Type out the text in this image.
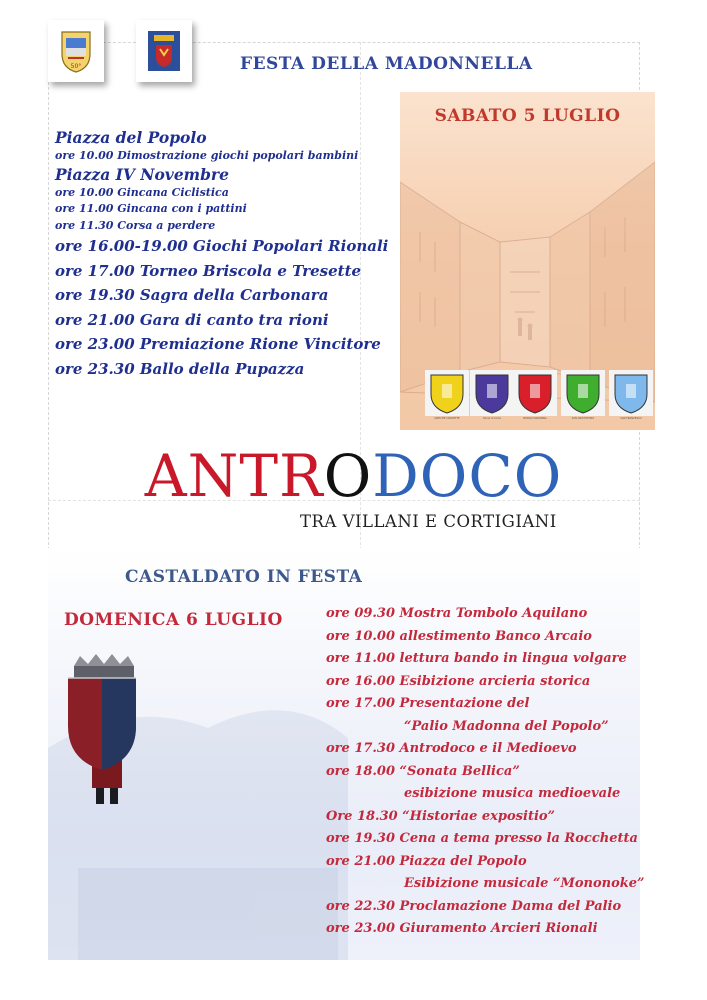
50°	FESTA DELLA MADONNELLA
SABATO 5 LUGLIO
ANTICHE CROCETTE	Rione di Corte	BORGO MADONNA	SAN CRISTOFORO	SAN FRANCESCO
Piazza del Popolo
ore 10.00 Dimostrazione giochi popolari bambini
Piazza IV Novembre
ore 10.00 Gincana Ciclistica
ore 11.00 Gincana con i pattini
ore 11.30 Corsa a perdere
ore 16.00-19.00 Giochi Popolari Rionali
ore 17.00 Torneo Briscola e Tresette
ore 19.30 Sagra della Carbonara
ore 21.00 Gara di canto tra rioni
ore 23.00 Premiazione Rione Vincitore
ore 23.30 Ballo della Pupazza
ANTRODOCO
TRA VILLANI E CORTIGIANI
CASTALDATO IN FESTA
DOMENICA 6 LUGLIO	ore 09.30 Mostra Tombolo Aquilano
ore 10.00 allestimento Banco Arcaio
ore 11.00 lettura bando in lingua volgare
ore 16.00 Esibizione arcieria storica
ore 17.00 Presentazione del
“Palio Madonna del Popolo”
ore 17.30 Antrodoco e il Medioevo
ore 18.00 “Sonata Bellica”
esibizione musica medioevale
Ore 18.30 “Historiae expositio”
ore 19.30 Cena a tema presso la Rocchetta
ore 21.00 Piazza del Popolo
Esibizione musicale “Mononoke”
ore 22.30 Proclamazione Dama del Palio
ore 23.00 Giuramento Arcieri Rionali
